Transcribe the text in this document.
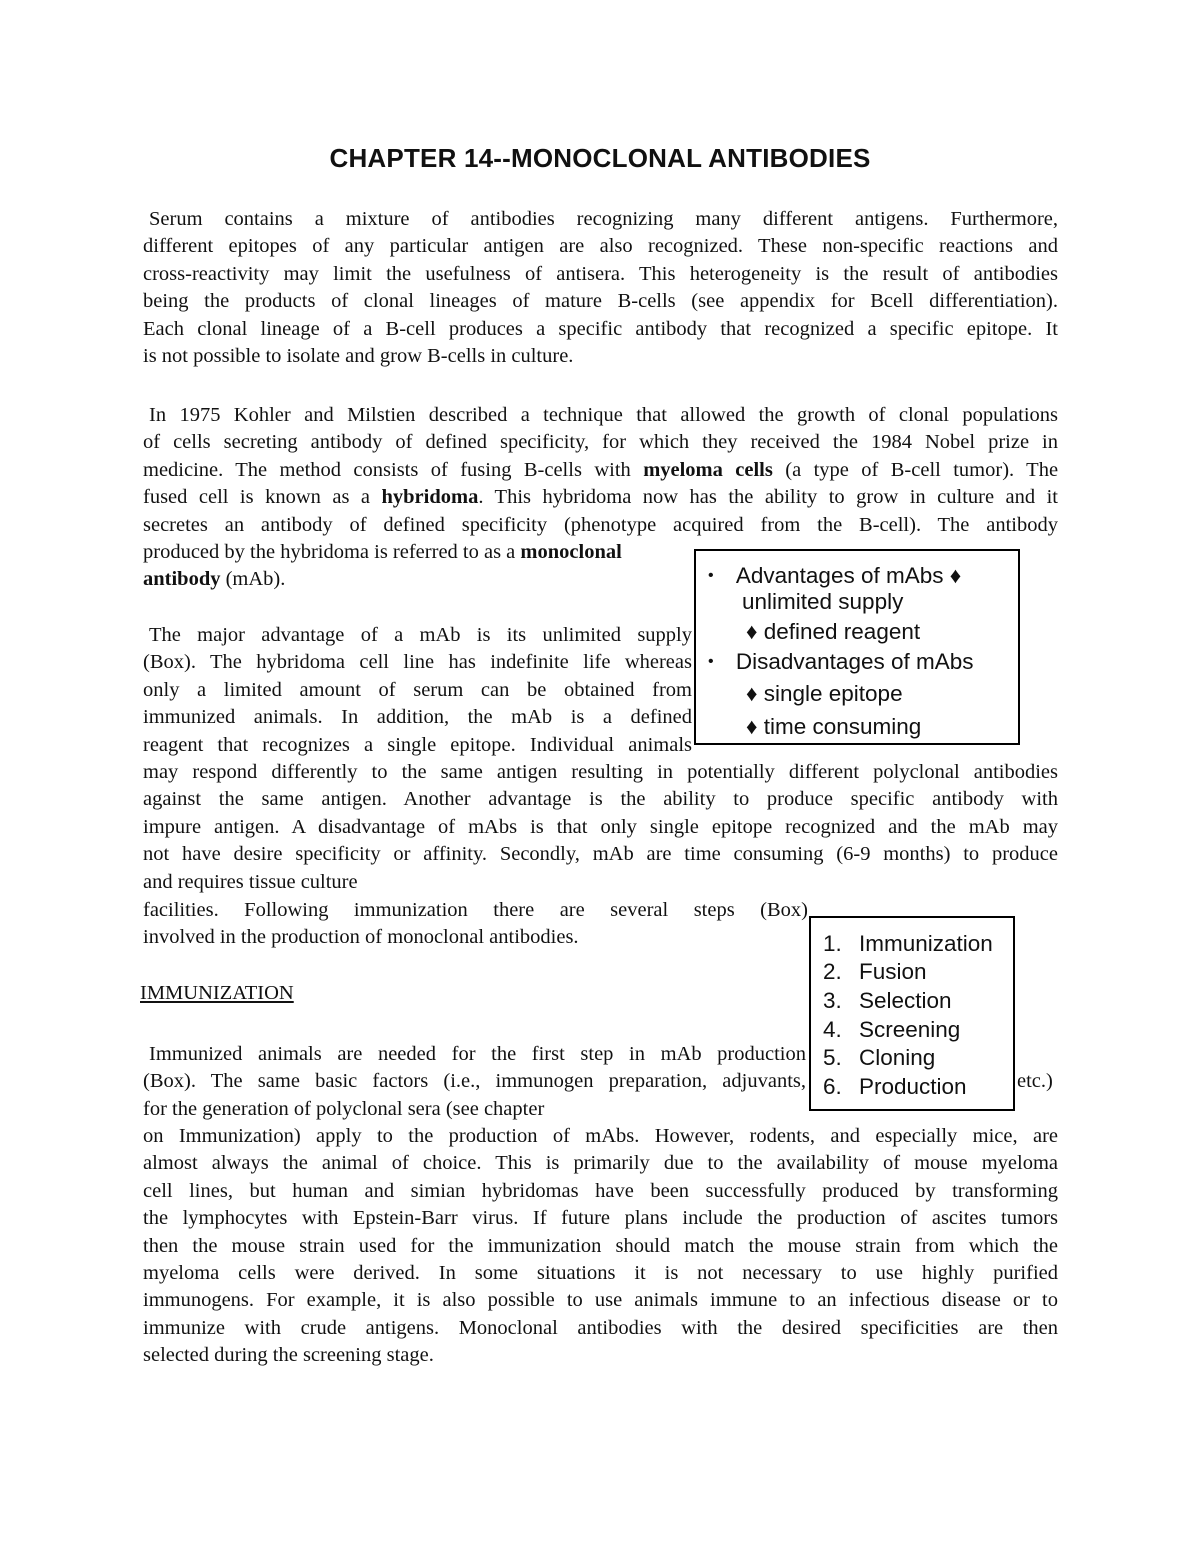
CHAPTER 14--MONOCLONAL ANTIBODIES
Serum contains a mixture of antibodies recognizing many different antigens. Furthermore,
different epitopes of any particular antigen are also recognized. These non-specific reactions and
cross-reactivity may limit the usefulness of antisera. This heterogeneity is the result of antibodies
being the products of clonal lineages of mature B-cells (see appendix for Bcell differentiation).
Each clonal lineage of a B-cell produces a specific antibody that recognized a specific epitope. It
is not possible to isolate and grow B-cells in culture.
In 1975 Kohler and Milstien described a technique that allowed the growth of clonal populations
of cells secreting antibody of defined specificity, for which they received the 1984 Nobel prize in
medicine. The method consists of fusing B-cells with myeloma cells (a type of B-cell tumor). The
fused cell is known as a hybridoma. This hybridoma now has the ability to grow in culture and it
secretes an antibody of defined specificity (phenotype acquired from the B-cell). The antibody
produced by the hybridoma is referred to as a monoclonal
antibody (mAb).
The major advantage of a mAb is its unlimited supply
(Box). The hybridoma cell line has indefinite life whereas
only a limited amount of serum can be obtained from
immunized animals. In addition, the mAb is a defined
reagent that recognizes a single epitope. Individual animals
may respond differently to the same antigen resulting in potentially different polyclonal antibodies
against the same antigen. Another advantage is the ability to produce specific antibody with
impure antigen. A disadvantage of mAbs is that only single epitope recognized and the mAb may
not have desire specificity or affinity. Secondly, mAb are time consuming (6-9 months) to produce
and requires tissue culture
facilities. Following immunization there are several steps (Box)
involved in the production of monoclonal antibodies.
IMMUNIZATION
Immunized animals are needed for the first step in mAb production
(Box). The same basic factors (i.e., immunogen preparation, adjuvants,	etc.)
for the generation of polyclonal sera (see chapter
on Immunization) apply to the production of mAbs. However, rodents, and especially mice, are
almost always the animal of choice. This is primarily due to the availability of mouse myeloma
cell lines, but human and simian hybridomas have been successfully produced by transforming
the lymphocytes with Epstein-Barr virus. If future plans include the production of ascites tumors
then the mouse strain used for the immunization should match the mouse strain from which the
myeloma cells were derived. In some situations it is not necessary to use highly purified
immunogens. For example, it is also possible to use animals immune to an infectious disease or to
immunize with crude antigens. Monoclonal antibodies with the desired specificities are then
selected during the screening stage.
• Advantages of mAbs ♦
unlimited supply
♦ defined reagent
• Disadvantages of mAbs
♦ single epitope
♦ time consuming
1. Immunization
2. Fusion
3. Selection
4. Screening
5. Cloning
6. Production
